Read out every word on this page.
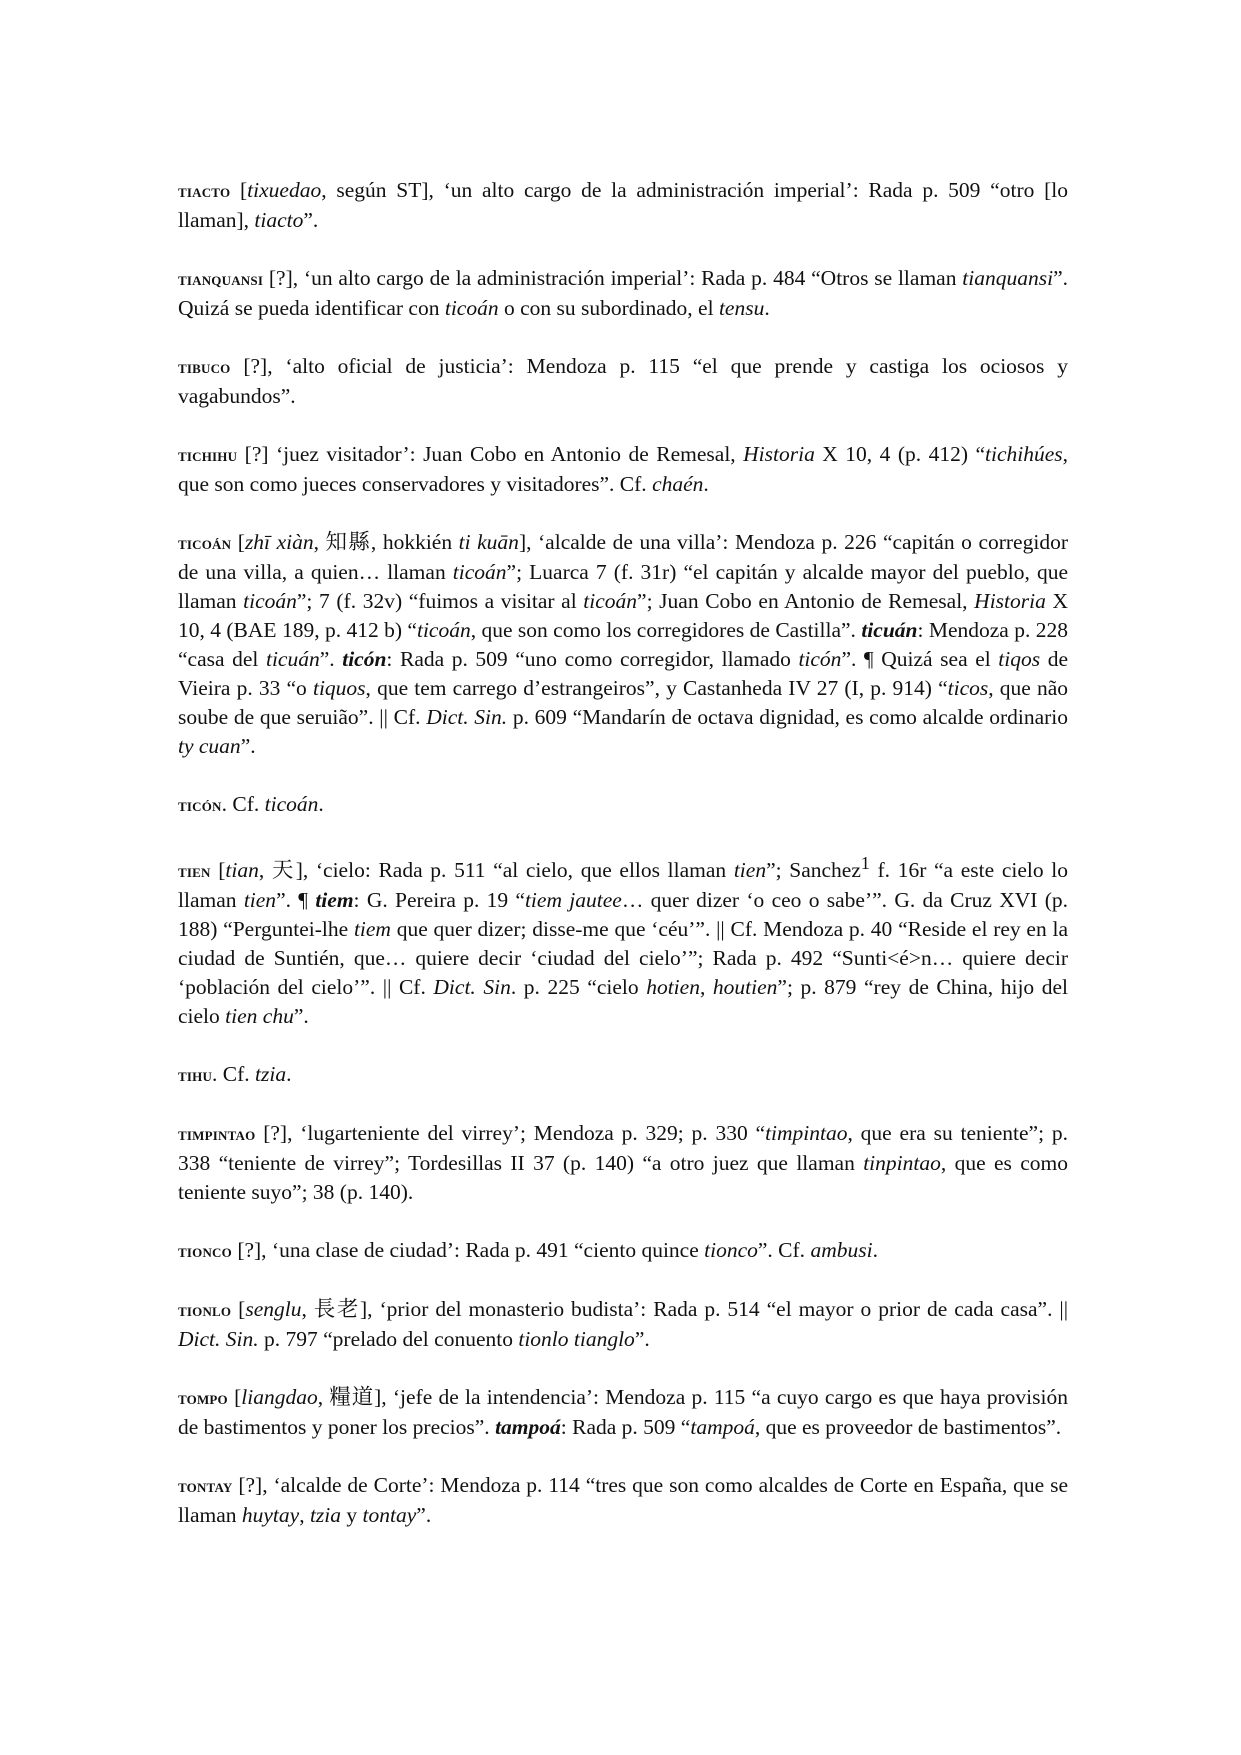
tiacto [tixuedao, según ST], ‘un alto cargo de la administración imperial’: Rada p. 509 “otro [lo llaman], tiacto”.

tianquansi [?], ‘un alto cargo de la administración imperial’: Rada p. 484 “Otros se llaman tianquansi”. Quizá se pueda identificar con ticoán o con su subordinado, el tensu.

tibuco [?], ‘alto oficial de justicia’: Mendoza p. 115 “el que prende y castiga los ociosos y vagabundos”.

tichihu [?] ‘juez visitador’: Juan Cobo en Antonio de Remesal, Historia X 10, 4 (p. 412) “tichihúes, que son como jueces conservadores y visitadores”. Cf. chaén.

ticoán [zhī xiàn, 知縣, hokkién ti kuān], ‘alcalde de una villa’: Mendoza p. 226 “capitán o corregidor de una villa, a quien… llaman ticoán”; Luarca 7 (f. 31r) “el capitán y alcalde mayor del pueblo, que llaman ticoán”; 7 (f. 32v) “fuimos a visitar al ticoán”; Juan Cobo en Antonio de Remesal, Historia X 10, 4 (BAE 189, p. 412 b) “ticoán, que son como los corregidores de Castilla”. ticuán: Mendoza p. 228 “casa del ticuán”. ticón: Rada p. 509 “uno como corregidor, llamado ticón”. ¶ Quizá sea el tiqos de Vieira p. 33 “o tiquos, que tem carrego d’estrangeiros”, y Castanheda IV 27 (I, p. 914) “ticos, que não soube de que seruião”. || Cf. Dict. Sin. p. 609 “Mandarín de octava dignidad, es como alcalde ordinario ty cuan”.

ticón. Cf. ticoán.

tien [tian, 天], ‘cielo: Rada p. 511 “al cielo, que ellos llaman tien”; Sanchez$^1$ f. 16r “a este cielo lo llaman tien”. ¶ tiem: G. Pereira p. 19 “tiem jautee… quer dizer ‘o ceo o sabe’”. G. da Cruz XVI (p. 188) “Perguntei-lhe tiem que quer dizer; disse-me que ‘céu’”. || Cf. Mendoza p. 40 “Reside el rey en la ciudad de Suntién, que… quiere decir ‘ciudad del cielo’”; Rada p. 492 “Sunti<é>n… quiere decir ‘población del cielo’”. || Cf. Dict. Sin. p. 225 “cielo hotien, houtien”; p. 879 “rey de China, hijo del cielo tien chu”.

tihu. Cf. tzia.

timpintao [?], ‘lugarteniente del virrey’; Mendoza p. 329; p. 330 “timpintao, que era su teniente”; p. 338 “teniente de virrey”; Tordesillas II 37 (p. 140) “a otro juez que llaman tinpintao, que es como teniente suyo”; 38 (p. 140).

tionco [?], ‘una clase de ciudad’: Rada p. 491 “ciento quince tionco”. Cf. ambusi.

tionlo [senglu, 長老], ‘prior del monasterio budista’: Rada p. 514 “el mayor o prior de cada casa”. || Dict. Sin. p. 797 “prelado del conuento tionlo tianglo”.

tompo [liangdao, 糧道], ‘jefe de la intendencia’: Mendoza p. 115 “a cuyo cargo es que haya provisión de bastimentos y poner los precios”. tampoá: Rada p. 509 “tampoá, que es proveedor de bastimentos”.

tontay [?], ‘alcalde de Corte’: Mendoza p. 114 “tres que son como alcaldes de Corte en España, que se llaman huytay, tzia y tontay”.
